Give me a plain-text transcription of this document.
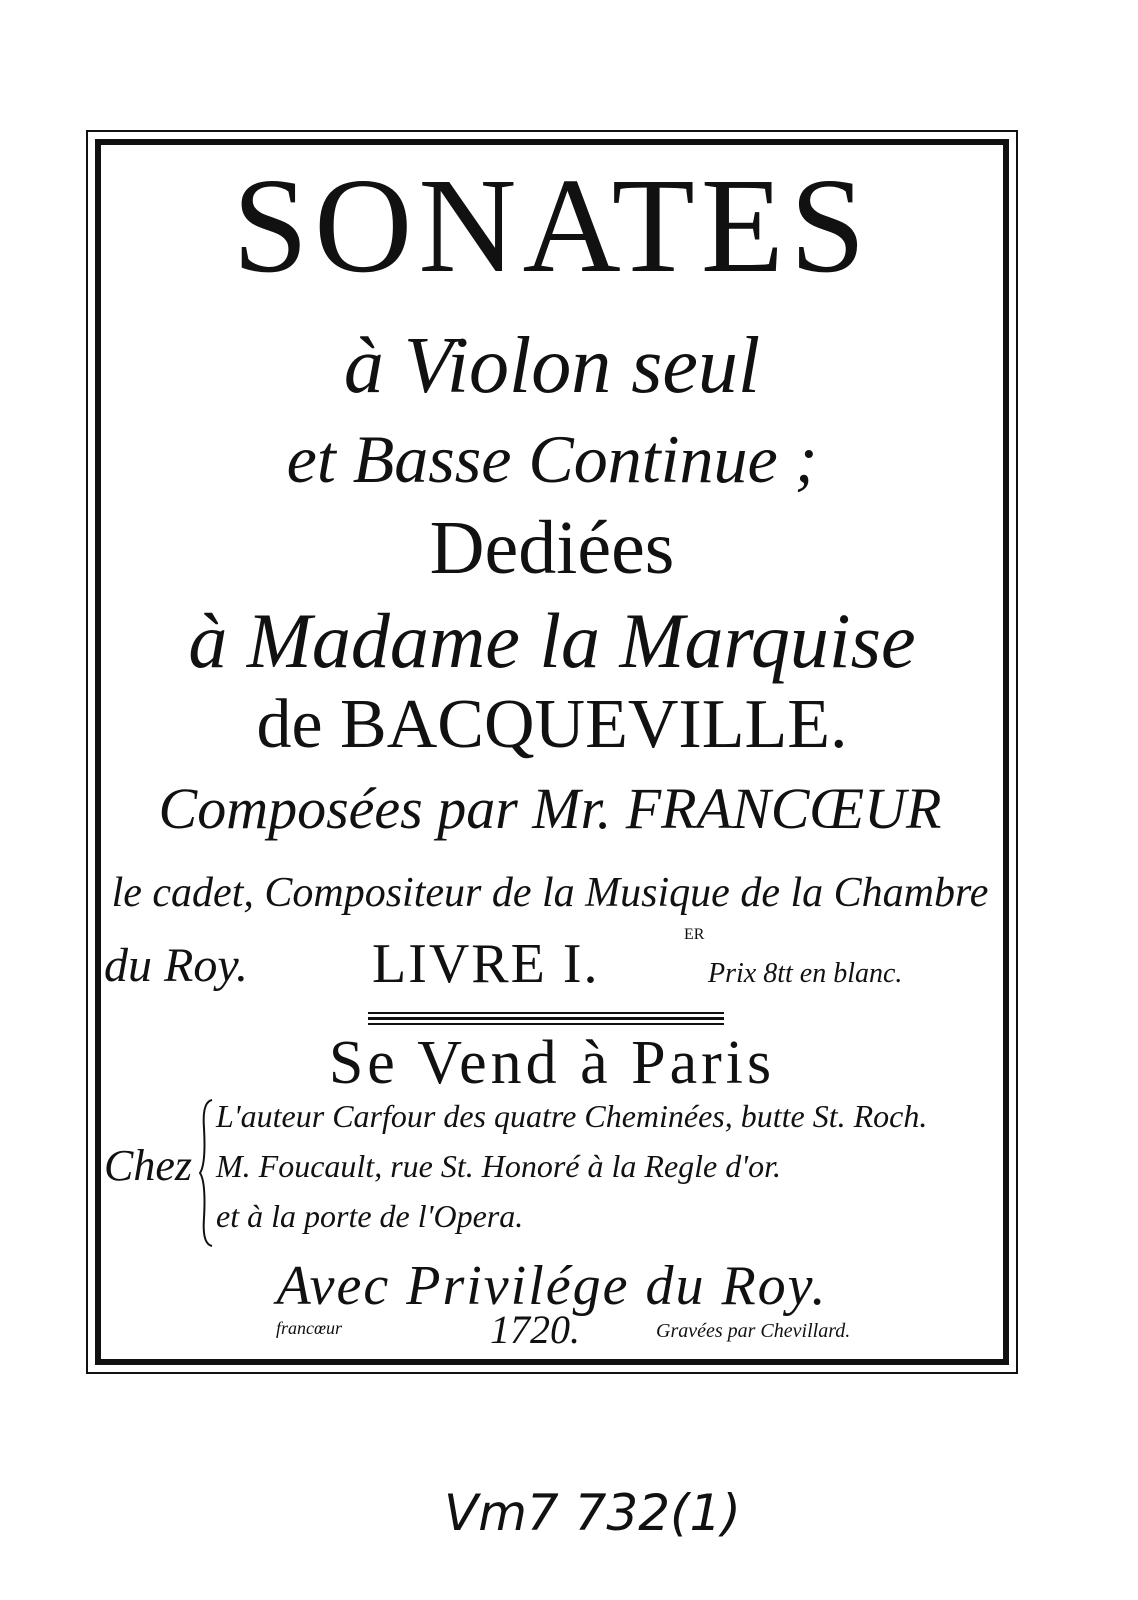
SONATES
à Violon seul
et Basse Continue ;
Dediées
à Madame la Marquise
de BACQUEVILLE.
Composées par Mr. FRANCŒUR
le cadet, Compositeur de la Musique de la Chambre
du Roy. LIVRE I.	ER
Prix 8tt en blanc.
Se Vend à Paris
Chez
L'auteur Carfour des quatre Cheminées, butte St. Roch.
M. Foucault, rue St. Honoré à la Regle d'or.
et à la porte de l'Opera.
Avec Privilége du Roy.
francœur	1720.	Gravées par Chevillard.
Vm7 732(1)
